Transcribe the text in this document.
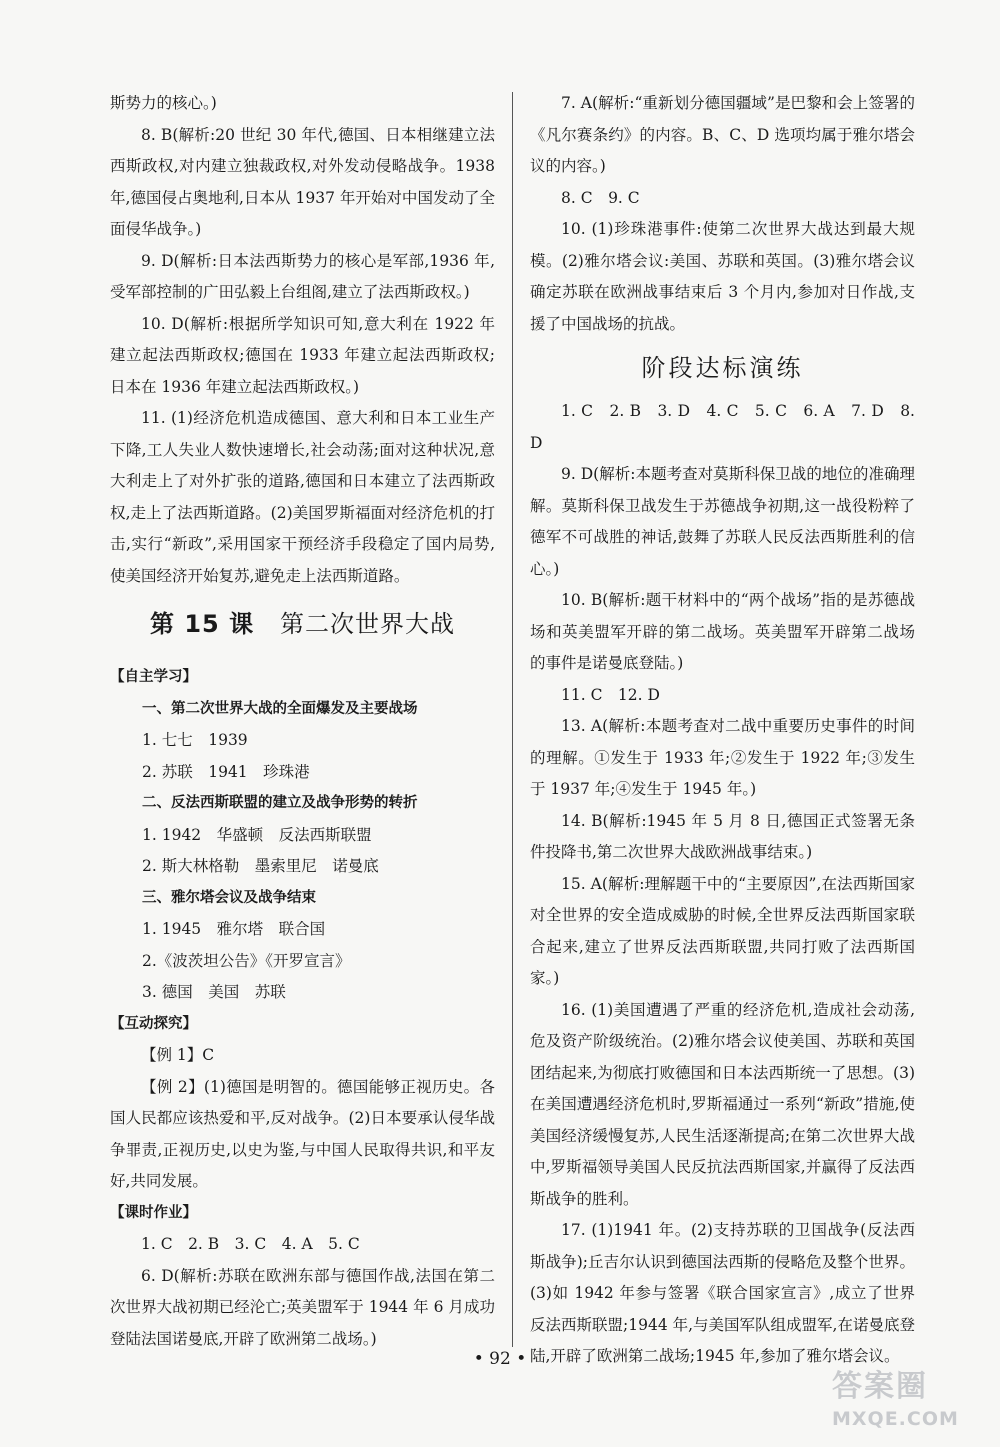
斯势力的核心。)

8. B(解析:20 世纪 30 年代,德国、日本相继建立法西斯政权,对内建立独裁政权,对外发动侵略战争。1938 年,德国侵占奥地利,日本从 1937 年开始对中国发动了全面侵华战争。)

9. D(解析:日本法西斯势力的核心是军部,1936 年,受军部控制的广田弘毅上台组阁,建立了法西斯政权。)

10. D(解析:根据所学知识可知,意大利在 1922 年建立起法西斯政权;德国在 1933 年建立起法西斯政权;日本在 1936 年建立起法西斯政权。)

11. (1)经济危机造成德国、意大利和日本工业生产下降,工人失业人数快速增长,社会动荡;面对这种状况,意大利走上了对外扩张的道路,德国和日本建立了法西斯政权,走上了法西斯道路。(2)美国罗斯福面对经济危机的打击,实行“新政”,采用国家干预经济手段稳定了国内局势,使美国经济开始复苏,避免走上法西斯道路。

第 15 课 第二次世界大战

【自主学习】

一、第二次世界大战的全面爆发及主要战场

1. 七七　1939

2. 苏联　1941　珍珠港

二、反法西斯联盟的建立及战争形势的转折

1. 1942　华盛顿　反法西斯联盟

2. 斯大林格勒　墨索里尼　诺曼底

三、雅尔塔会议及战争结束

1. 1945　雅尔塔　联合国

2.《波茨坦公告》《开罗宣言》

3. 德国　美国　苏联

【互动探究】

【例 1】C

【例 2】(1)德国是明智的。德国能够正视历史。各国人民都应该热爱和平,反对战争。(2)日本要承认侵华战争罪责,正视历史,以史为鉴,与中国人民取得共识,和平友好,共同发展。

【课时作业】

1. C　2. B　3. C　4. A　5. C

6. D(解析:苏联在欧洲东部与德国作战,法国在第二次世界大战初期已经沦亡;英美盟军于 1944 年 6 月成功登陆法国诺曼底,开辟了欧洲第二战场。)

7. A(解析:“重新划分德国疆域”是巴黎和会上签署的《凡尔赛条约》的内容。B、C、D 选项均属于雅尔塔会议的内容。)

8. C　9. C

10. (1)珍珠港事件:使第二次世界大战达到最大规模。(2)雅尔塔会议:美国、苏联和英国。(3)雅尔塔会议确定苏联在欧洲战事结束后 3 个月内,参加对日作战,支援了中国战场的抗战。

阶段达标演练

1. C　2. B　3. D　4. C　5. C　6. A　7. D　8. D

9. D(解析:本题考查对莫斯科保卫战的地位的准确理解。莫斯科保卫战发生于苏德战争初期,这一战役粉粹了德军不可战胜的神话,鼓舞了苏联人民反法西斯胜利的信心。)

10. B(解析:题干材料中的“两个战场”指的是苏德战场和英美盟军开辟的第二战场。英美盟军开辟第二战场的事件是诺曼底登陆。)

11. C　12. D

13. A(解析:本题考查对二战中重要历史事件的时间的理解。①发生于 1933 年;②发生于 1922 年;③发生于 1937 年;④发生于 1945 年。)

14. B(解析:1945 年 5 月 8 日,德国正式签署无条件投降书,第二次世界大战欧洲战事结束。)

15. A(解析:理解题干中的“主要原因”,在法西斯国家对全世界的安全造成威胁的时候,全世界反法西斯国家联合起来,建立了世界反法西斯联盟,共同打败了法西斯国家。)

16. (1)美国遭遇了严重的经济危机,造成社会动荡,危及资产阶级统治。(2)雅尔塔会议使美国、苏联和英国团结起来,为彻底打败德国和日本法西斯统一了思想。(3)在美国遭遇经济危机时,罗斯福通过一系列“新政”措施,使美国经济缓慢复苏,人民生活逐渐提高;在第二次世界大战中,罗斯福领导美国人民反抗法西斯国家,并赢得了反法西斯战争的胜利。

17. (1)1941 年。(2)支持苏联的卫国战争(反法西斯战争);丘吉尔认识到德国法西斯的侵略危及整个世界。(3)如 1942 年参与签署《联合国家宣言》,成立了世界反法西斯联盟;1944 年,与美国军队组成盟军,在诺曼底登陆,开辟了欧洲第二战场;1945 年,参加了雅尔塔会议。

• 92 •
答案圈
MXQE.COM
